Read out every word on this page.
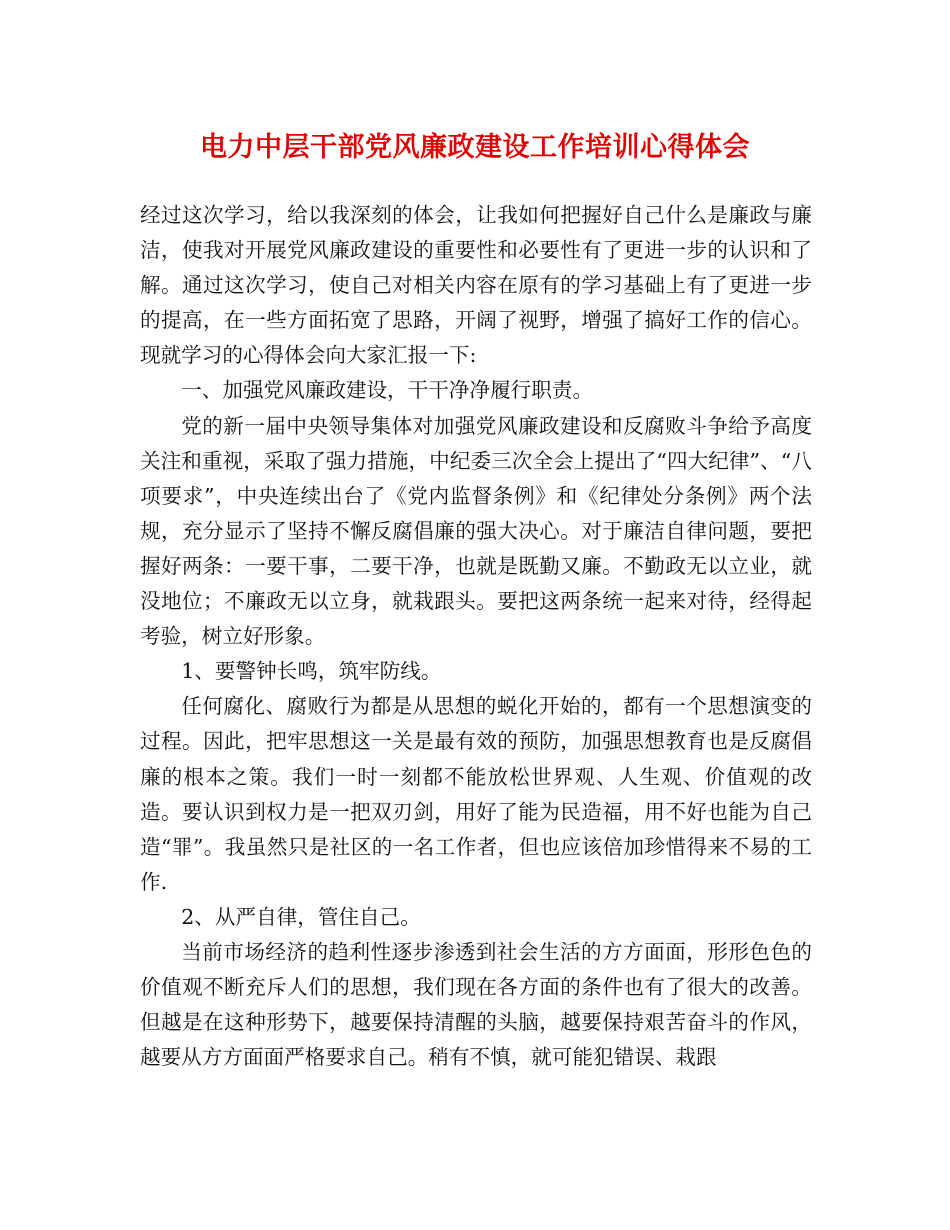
电力中层干部党风廉政建设工作培训心得体会

经过这次学习，给以我深刻的体会，让我如何把握好自己什么是廉政与廉洁，使我对开展党风廉政建设的重要性和必要性有了更进一步的认识和了解。通过这次学习，使自己对相关内容在原有的学习基础上有了更进一步的提高，在一些方面拓宽了思路，开阔了视野，增强了搞好工作的信心。现就学习的心得体会向大家汇报一下:

一、加强党风廉政建设，干干净净履行职责。

党的新一届中央领导集体对加强党风廉政建设和反腐败斗争给予高度关注和重视，采取了强力措施，中纪委三次全会上提出了“四大纪律”、“八项要求”，中央连续出台了《党内监督条例》和《纪律处分条例》两个法规，充分显示了坚持不懈反腐倡廉的强大决心。对于廉洁自律问题，要把握好两条：一要干事，二要干净，也就是既勤又廉。不勤政无以立业，就没地位；不廉政无以立身，就栽跟头。要把这两条统一起来对待，经得起考验，树立好形象。

1、要警钟长鸣，筑牢防线。

任何腐化、腐败行为都是从思想的蜕化开始的，都有一个思想演变的过程。因此，把牢思想这一关是最有效的预防，加强思想教育也是反腐倡廉的根本之策。我们一时一刻都不能放松世界观、人生观、价值观的改造。要认识到权力是一把双刃剑，用好了能为民造福，用不好也能为自己造“罪”。我虽然只是社区的一名工作者，但也应该倍加珍惜得来不易的工作.

2、从严自律，管住自己。

当前市场经济的趋利性逐步渗透到社会生活的方方面面，形形色色的价值观不断充斥人们的思想，我们现在各方面的条件也有了很大的改善。但越是在这种形势下，越要保持清醒的头脑，越要保持艰苦奋斗的作风，越要从方方面面严格要求自己。稍有不慎，就可能犯错误、栽跟
